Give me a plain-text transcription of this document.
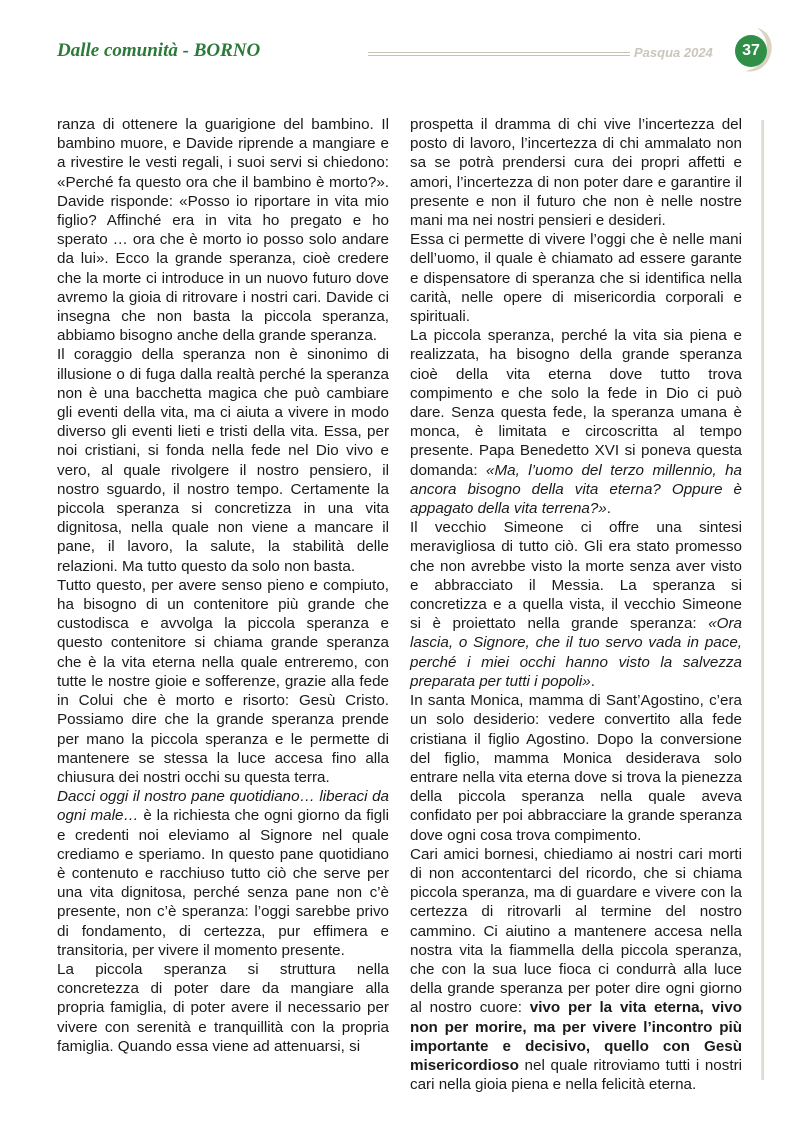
Dalle comunità - BORNO	Pasqua 2024	37

ranza di ottenere la guarigione del bambino. Il bambino muore, e Davide riprende a mangiare e a rivestire le vesti regali, i suoi servi si chiedono: «Perché fa questo ora che il bambino è morto?». Davide risponde: «Posso io riportare in vita mio figlio? Affinché era in vita ho pregato e ho sperato … ora che è morto io posso solo andare da lui». Ecco la grande speranza, cioè credere che la morte ci introduce in un nuovo futuro dove avremo la gioia di ritrovare i nostri cari. Davide ci insegna che non basta la piccola speranza, abbiamo bisogno anche della grande speranza.

Il coraggio della speranza non è sinonimo di illusione o di fuga dalla realtà perché la speranza non è una bacchetta magica che può cambiare gli eventi della vita, ma ci aiuta a vivere in modo diverso gli eventi lieti e tristi della vita. Essa, per noi cristiani, si fonda nella fede nel Dio vivo e vero, al quale rivolgere il nostro pensiero, il nostro sguardo, il nostro tempo. Certamente la piccola speranza si concretizza in una vita dignitosa, nella quale non viene a mancare il pane, il lavoro, la salute, la stabilità delle relazioni. Ma tutto questo da solo non basta.

Tutto questo, per avere senso pieno e compiuto, ha bisogno di un contenitore più grande che custodisca e avvolga la piccola speranza e questo contenitore si chiama grande speranza che è la vita eterna nella quale entreremo, con tutte le nostre gioie e sofferenze, grazie alla fede in Colui che è morto e risorto: Gesù Cristo. Possiamo dire che la grande speranza prende per mano la piccola speranza e le permette di mantenere se stessa la luce accesa fino alla chiusura dei nostri occhi su questa terra.

Dacci oggi il nostro pane quotidiano… liberaci da ogni male… è la richiesta che ogni giorno da figli e credenti noi eleviamo al Signore nel quale crediamo e speriamo. In questo pane quotidiano è contenuto e racchiuso tutto ciò che serve per una vita dignitosa, perché senza pane non c’è presente, non c’è speranza: l’oggi sarebbe privo di fondamento, di certezza, pur effimera e transitoria, per vivere il momento presente.

La piccola speranza si struttura nella concretezza di poter dare da mangiare alla propria famiglia, di poter avere il necessario per vivere con serenità e tranquillità con la propria famiglia. Quando essa viene ad attenuarsi, si

prospetta il dramma di chi vive l’incertezza del posto di lavoro, l’incertezza di chi ammalato non sa se potrà prendersi cura dei propri affetti e amori, l’incertezza di non poter dare e garantire il presente e non il futuro che non è nelle nostre mani ma nei nostri pensieri e desideri.

Essa ci permette di vivere l’oggi che è nelle mani dell’uomo, il quale è chiamato ad essere garante e dispensatore di speranza che si identifica nella carità, nelle opere di misericordia corporali e spirituali.

La piccola speranza, perché la vita sia piena e realizzata, ha bisogno della grande speranza cioè della vita eterna dove tutto trova compimento e che solo la fede in Dio ci può dare. Senza questa fede, la speranza umana è monca, è limitata e circoscritta al tempo presente. Papa Benedetto XVI si poneva questa domanda: «Ma, l’uomo del terzo millennio, ha ancora bisogno della vita eterna? Oppure è appagato della vita terrena?».

Il vecchio Simeone ci offre una sintesi meravigliosa di tutto ciò. Gli era stato promesso che non avrebbe visto la morte senza aver visto e abbracciato il Messia. La speranza si concretizza e a quella vista, il vecchio Simeone si è proiettato nella grande speranza: «Ora lascia, o Signore, che il tuo servo vada in pace, perché i miei occhi hanno visto la salvezza preparata per tutti i popoli».

In santa Monica, mamma di Sant’Agostino, c’era un solo desiderio: vedere convertito alla fede cristiana il figlio Agostino. Dopo la conversione del figlio, mamma Monica desiderava solo entrare nella vita eterna dove si trova la pienezza della piccola speranza nella quale aveva confidato per poi abbracciare la grande speranza dove ogni cosa trova compimento.

Cari amici bornesi, chiediamo ai nostri cari morti di non accontentarci del ricordo, che si chiama piccola speranza, ma di guardare e vivere con la certezza di ritrovarli al termine del nostro cammino. Ci aiutino a mantenere accesa nella nostra vita la fiammella della piccola speranza, che con la sua luce fioca ci condurrà alla luce della grande speranza per poter dire ogni giorno al nostro cuore: vivo per la vita eterna, vivo non per morire, ma per vivere l’incontro più importante e decisivo, quello con Gesù misericordioso nel quale ritroviamo tutti i nostri cari nella gioia piena e nella felicità eterna.
